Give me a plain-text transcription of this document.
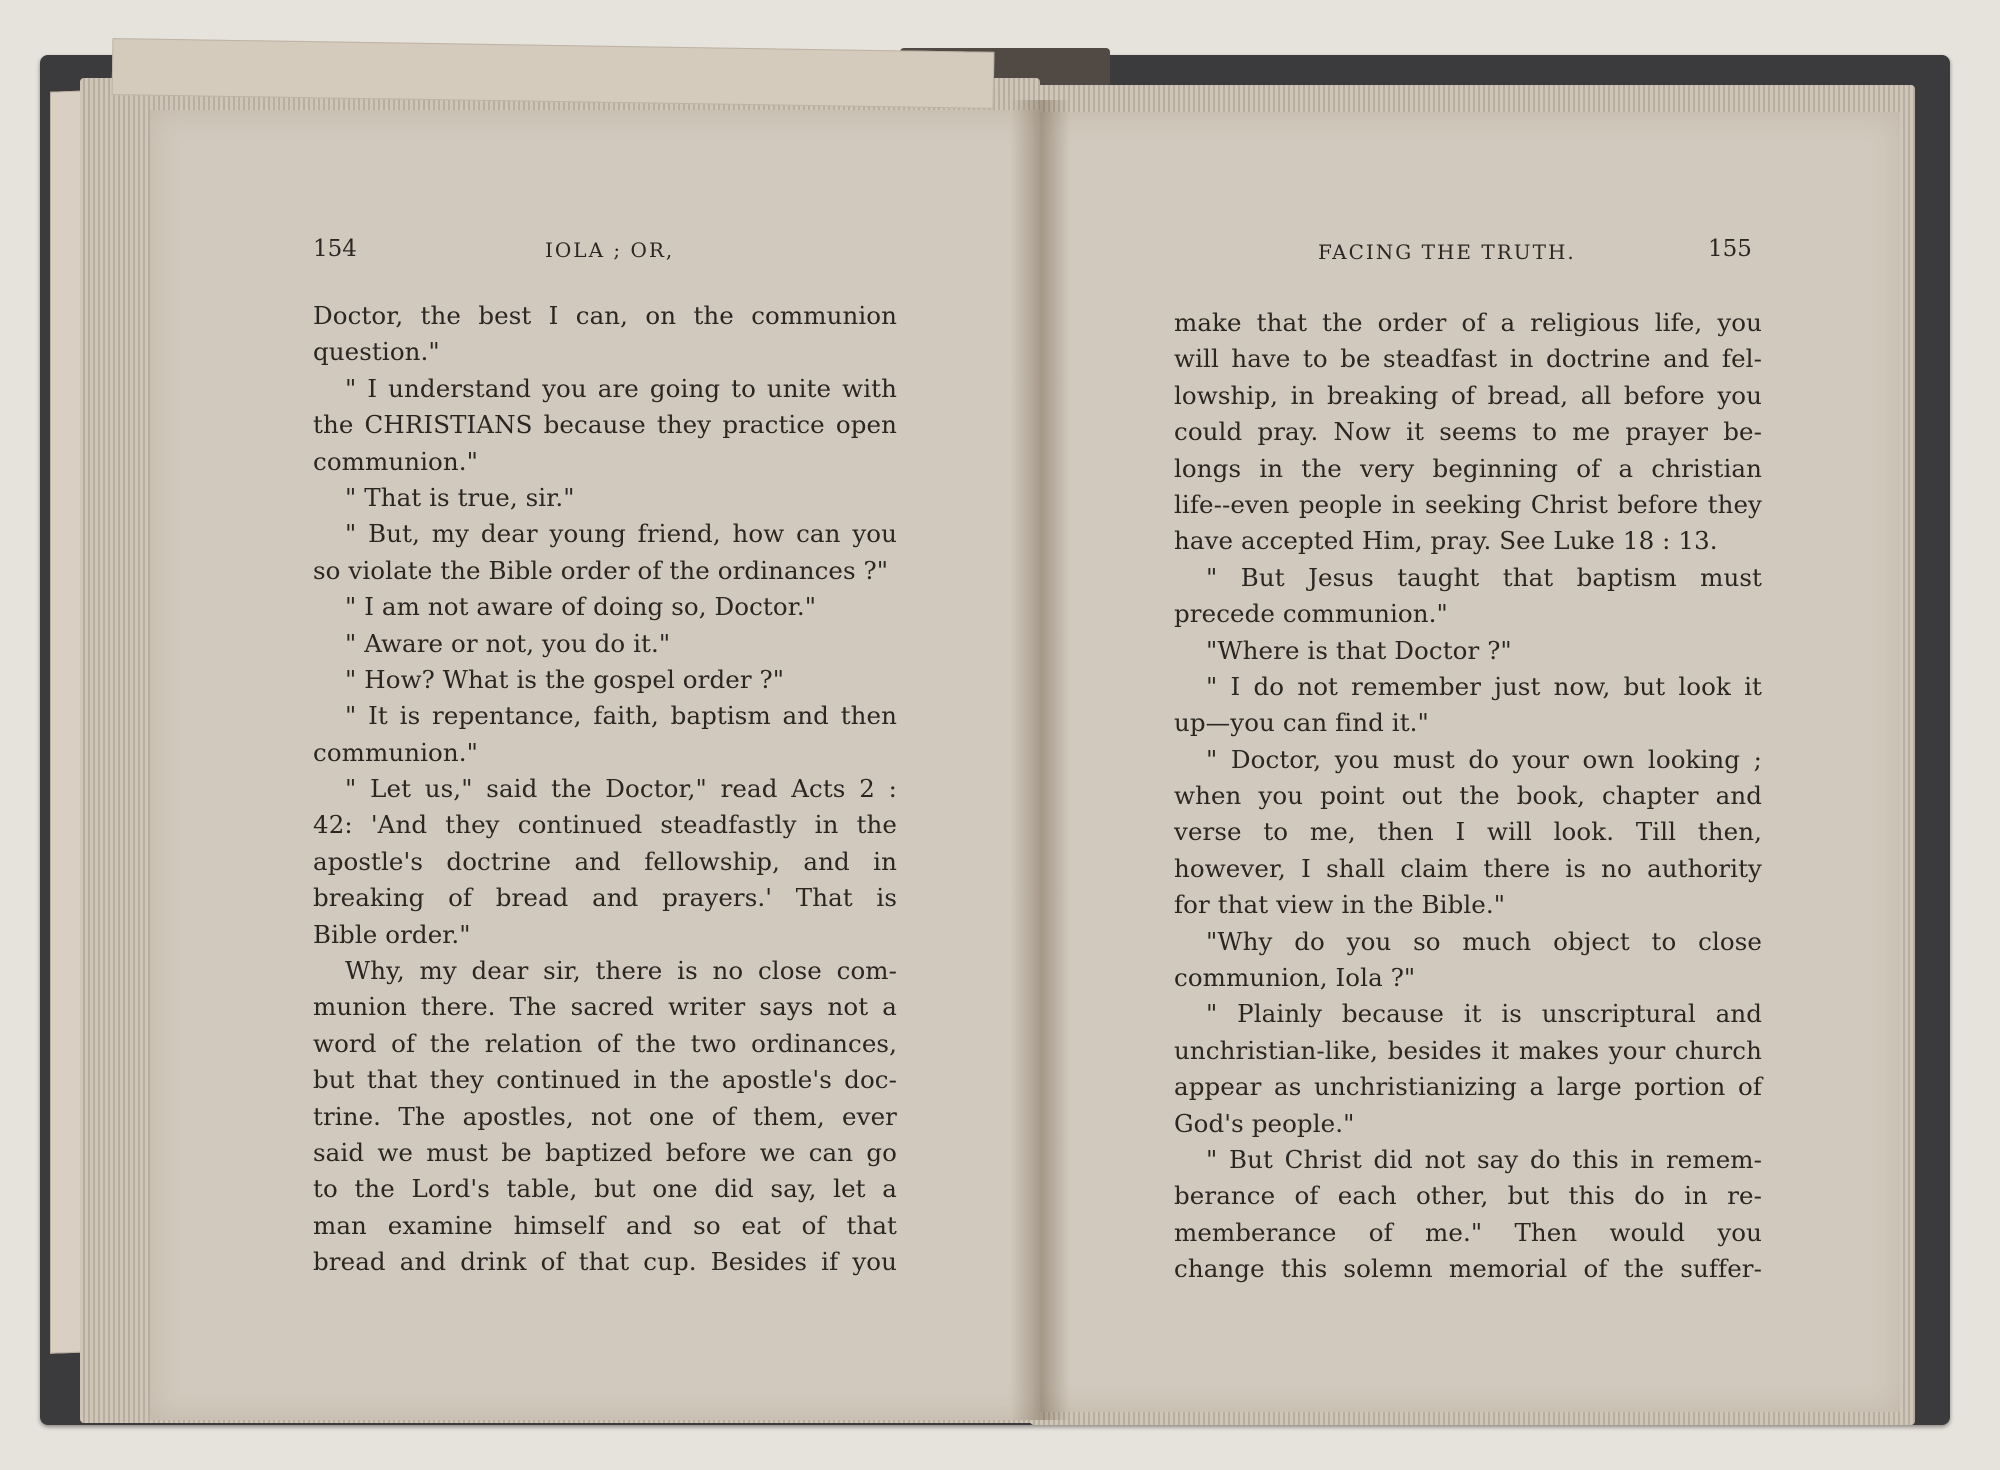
154	IOLA ; OR,	FACING THE TRUTH.	155
Doctor, the best I can, on the communion
question."
" I understand you are going to unite with
the CHRISTIANS because they practice open
communion."
" That is true, sir."
" But, my dear young friend, how can you
so violate the Bible order of the ordinances ?"
" I am not aware of doing so, Doctor."
" Aware or not, you do it."
" How? What is the gospel order ?"
" It is repentance, faith, baptism and then
communion."
" Let us," said the Doctor," read Acts 2 :
42: 'And they continued steadfastly in the
apostle's doctrine and fellowship, and in
breaking of bread and prayers.' That is
Bible order."
Why, my dear sir, there is no close com-
munion there. The sacred writer says not a
word of the relation of the two ordinances,
but that they continued in the apostle's doc-
trine. The apostles, not one of them, ever
said we must be baptized before we can go
to the Lord's table, but one did say, let a
man examine himself and so eat of that
bread and drink of that cup. Besides if you
make that the order of a religious life, you
will have to be steadfast in doctrine and fel-
lowship, in breaking of bread, all before you
could pray. Now it seems to me prayer be-
longs in the very beginning of a christian
life--even people in seeking Christ before they
have accepted Him, pray. See Luke 18 : 13.
" But Jesus taught that baptism must
precede communion."
"Where is that Doctor ?"
" I do not remember just now, but look it
up—you can find it."
" Doctor, you must do your own looking ;
when you point out the book, chapter and
verse to me, then I will look. Till then,
however, I shall claim there is no authority
for that view in the Bible."
"Why do you so much object to close
communion, Iola ?"
" Plainly because it is unscriptural and
unchristian-like, besides it makes your church
appear as unchristianizing a large portion of
God's people."
" But Christ did not say do this in remem-
berance of each other, but this do in re-
memberance of me." Then would you
change this solemn memorial of the suffer-
